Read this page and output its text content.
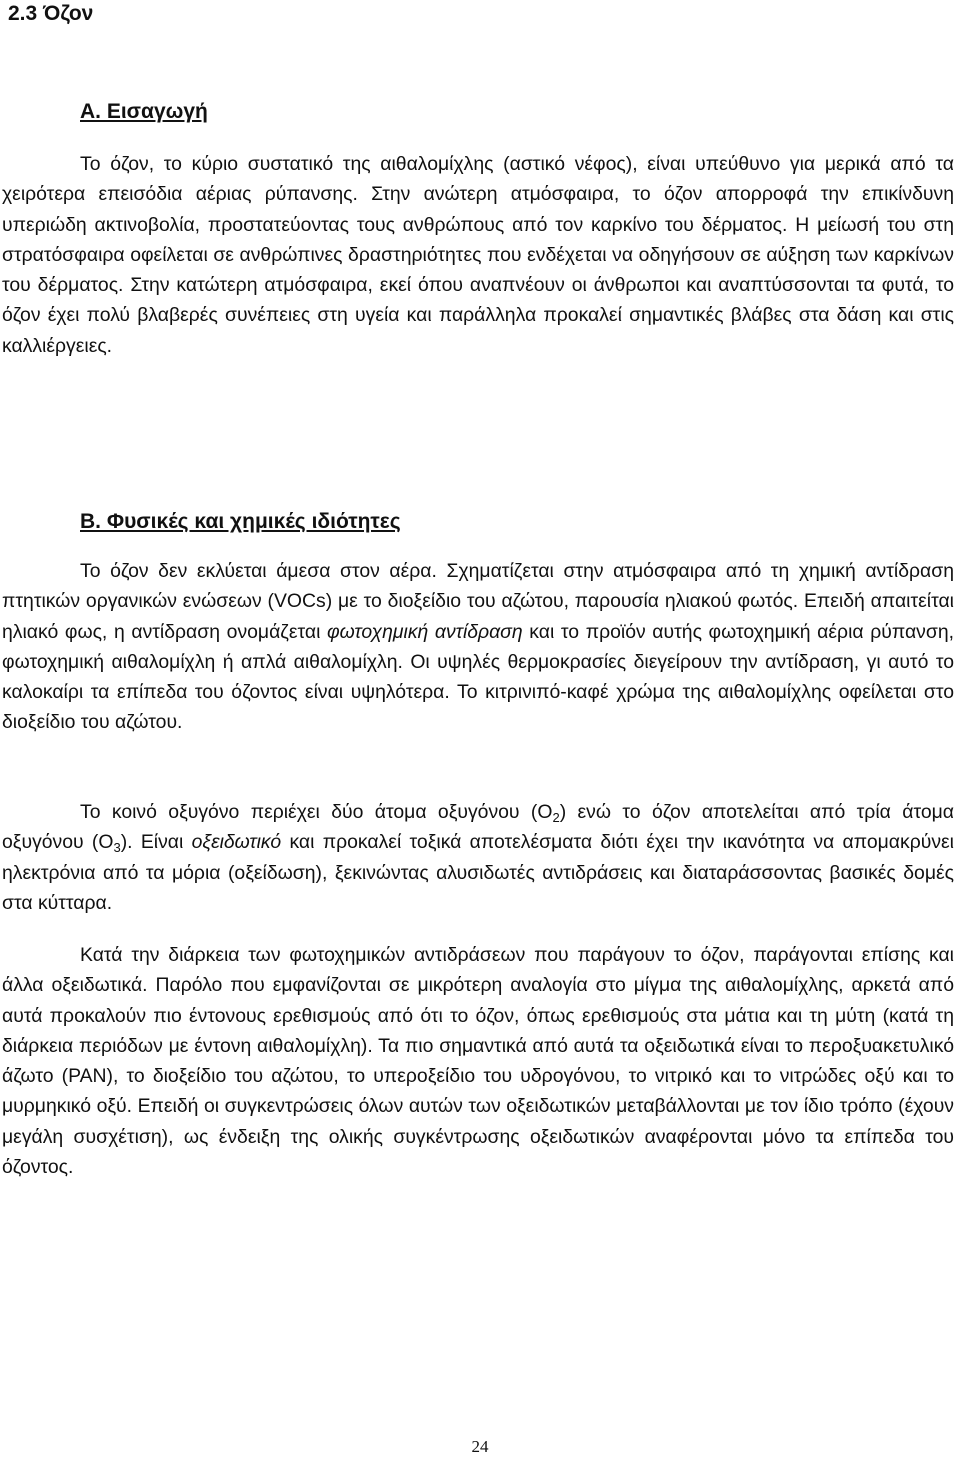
2.3 Όζον
Α. Εισαγωγή

Το όζον, το κύριο συστατικό της αιθαλομίχλης (αστικό νέφος), είναι υπεύθυνο για μερικά από τα χειρότερα επεισόδια αέριας ρύπανσης. Στην ανώτερη ατμόσφαιρα, το όζον απορροφά την επικίνδυνη υπεριώδη ακτινοβολία, προστατεύοντας τους ανθρώπους από τον καρκίνο του δέρματος. Η μείωσή του στη στρατόσφαιρα οφείλεται σε ανθρώπινες δραστηριότητες που ενδέχεται να οδηγήσουν σε αύξηση των καρκίνων του δέρματος. Στην κατώτερη ατμόσφαιρα, εκεί όπου αναπνέουν οι άνθρωποι και αναπτύσσονται τα φυτά, το όζον έχει πολύ βλαβερές συνέπειες στη υγεία και παράλληλα προκαλεί σημαντικές βλάβες στα δάση και στις καλλιέργειες.

Β. Φυσικές και χημικές ιδιότητες

Το όζον δεν εκλύεται άμεσα στον αέρα. Σχηματίζεται στην ατμόσφαιρα από τη χημική αντίδραση πτητικών οργανικών ενώσεων (VOCs) με το διοξείδιο του αζώτου, παρουσία ηλιακού φωτός. Επειδή απαιτείται ηλιακό φως, η αντίδραση ονομάζεται φωτοχημική αντίδραση και το προϊόν αυτής φωτοχημική αέρια ρύπανση, φωτοχημική αιθαλομίχλη ή απλά αιθαλομίχλη. Οι υψηλές θερμοκρασίες διεγείρουν την αντίδραση, γι αυτό το καλοκαίρι τα επίπεδα του όζοντος είναι υψηλότερα. Το κιτρινιπό-καφέ χρώμα της αιθαλομίχλης οφείλεται στο διοξείδιο του αζώτου.

Το κοινό οξυγόνο περιέχει δύο άτομα οξυγόνου $(O_2)$ ενώ το όζον αποτελείται από τρία άτομα οξυγόνου $(O_3)$. Είναι οξειδωτικό και προκαλεί τοξικά αποτελέσματα διότι έχει την ικανότητα να απομακρύνει ηλεκτρόνια από τα μόρια (οξείδωση), ξεκινώντας αλυσιδωτές αντιδράσεις και διαταράσσοντας βασικές δομές στα κύτταρα.

Κατά την διάρκεια των φωτοχημικών αντιδράσεων που παράγουν το όζον, παράγονται επίσης και άλλα οξειδωτικά. Παρόλο που εμφανίζονται σε μικρότερη αναλογία στο μίγμα της αιθαλομίχλης, αρκετά από αυτά προκαλούν πιο έντονους ερεθισμούς από ότι το όζον, όπως ερεθισμούς στα μάτια και τη μύτη (κατά τη διάρκεια περιόδων με έντονη αιθαλομίχλη). Τα πιο σημαντικά από αυτά τα οξειδωτικά είναι το περοξυακετυλικό άζωτο (PAN), το διοξείδιο του αζώτου, το υπεροξείδιο του υδρογόνου, το νιτρικό και το νιτρώδες οξύ και το μυρμηκικό οξύ. Επειδή οι συγκεντρώσεις όλων αυτών των οξειδωτικών μεταβάλλονται με τον ίδιο τρόπο (έχουν μεγάλη συσχέτιση), ως ένδειξη της ολικής συγκέντρωσης οξειδωτικών αναφέρονται μόνο τα επίπεδα του όζοντος.

24
